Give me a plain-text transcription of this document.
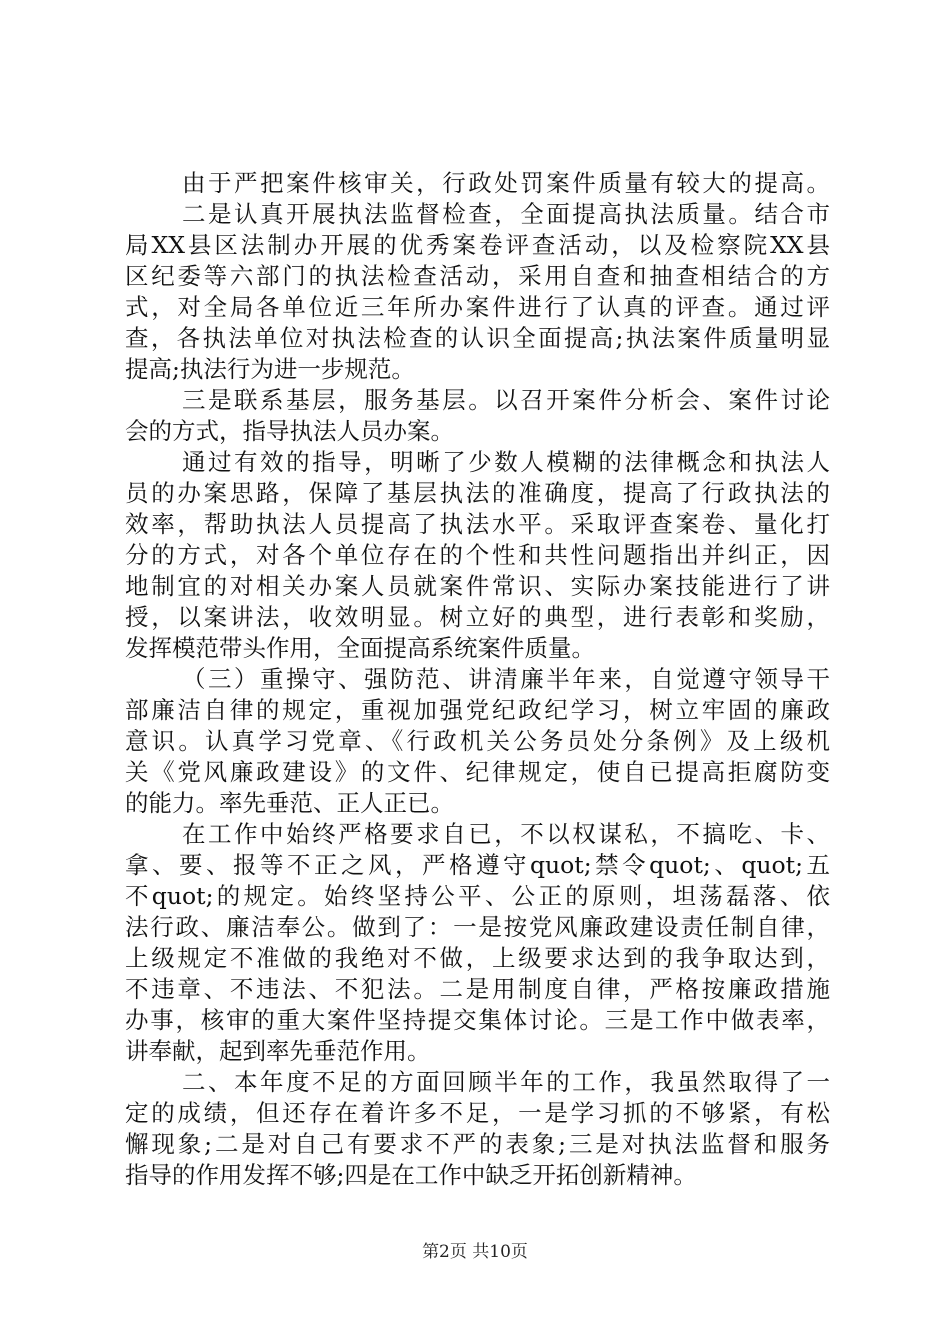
由于严把案件核审关，行政处罚案件质量有较大的提高。
二是认真开展执法监督检查，全面提高执法质量。结合市
局XX县区法制办开展的优秀案卷评查活动，以及检察院XX县
区纪委等六部门的执法检查活动，采用自查和抽查相结合的方
式，对全局各单位近三年所办案件进行了认真的评查。通过评
查，各执法单位对执法检查的认识全面提高;执法案件质量明显
提高;执法行为进一步规范。
三是联系基层，服务基层。以召开案件分析会、案件讨论
会的方式，指导执法人员办案。
通过有效的指导，明晰了少数人模糊的法律概念和执法人
员的办案思路，保障了基层执法的准确度，提高了行政执法的
效率，帮助执法人员提高了执法水平。采取评查案卷、量化打
分的方式，对各个单位存在的个性和共性问题指出并纠正，因
地制宜的对相关办案人员就案件常识、实际办案技能进行了讲
授，以案讲法，收效明显。树立好的典型，进行表彰和奖励，
发挥模范带头作用，全面提高系统案件质量。
（三）重操守、强防范、讲清廉半年来，自觉遵守领导干
部廉洁自律的规定，重视加强党纪政纪学习，树立牢固的廉政
意识。认真学习党章、《行政机关公务员处分条例》及上级机
关《党风廉政建设》的文件、纪律规定，使自已提高拒腐防变
的能力。率先垂范、正人正已。
在工作中始终严格要求自已，不以权谋私，不搞吃、卡、
拿、要、报等不正之风，严格遵守quot;禁令quot;、quot;五
不quot;的规定。始终坚持公平、公正的原则，坦荡磊落、依
法行政、廉洁奉公。做到了：一是按党风廉政建设责任制自律，
上级规定不准做的我绝对不做，上级要求达到的我争取达到，
不违章、不违法、不犯法。二是用制度自律，严格按廉政措施
办事，核审的重大案件坚持提交集体讨论。三是工作中做表率，
讲奉献，起到率先垂范作用。
二、本年度不足的方面回顾半年的工作，我虽然取得了一
定的成绩，但还存在着许多不足，一是学习抓的不够紧，有松
懈现象;二是对自己有要求不严的表象;三是对执法监督和服务
指导的作用发挥不够;四是在工作中缺乏开拓创新精神。
第2页 共10页
